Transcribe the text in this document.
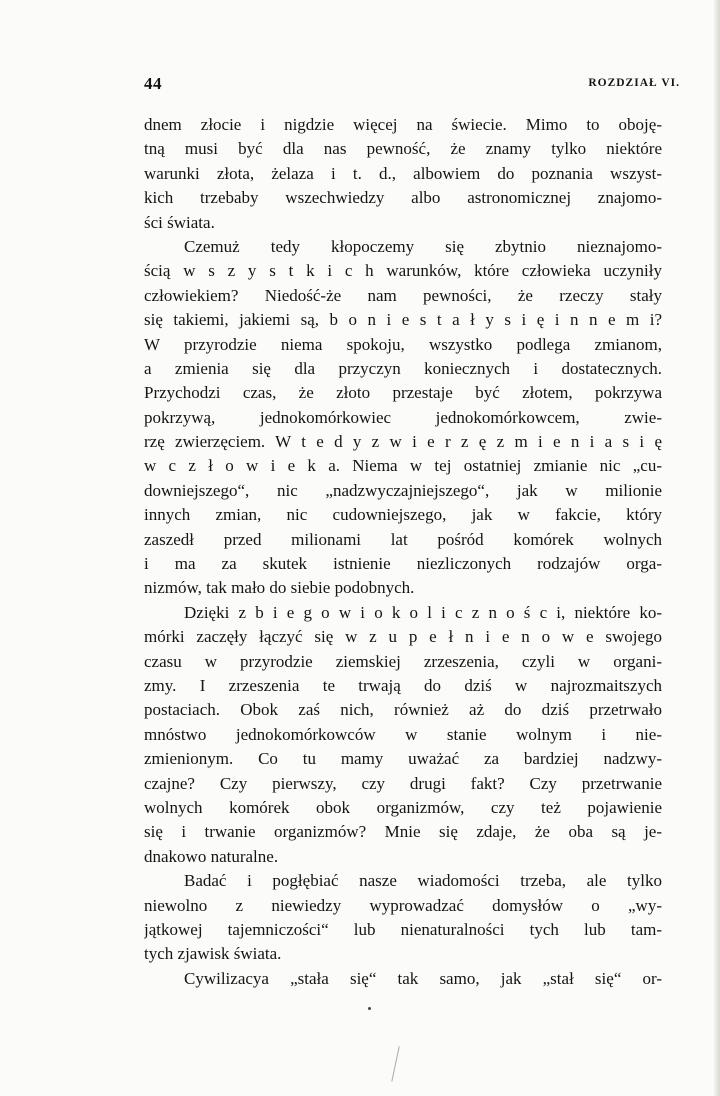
44	ROZDZIAŁ VI.
dnem złocie i nigdzie więcej na świecie. Mimo to oboję-
tną musi być dla nas pewność, że znamy tylko niektóre
warunki złota, żelaza i t. d., albowiem do poznania wszyst-
kich trzebaby wszechwiedzy albo astronomicznej znajomo-
ści świata.
Czemuż tedy kłopoczemy się zbytnio nieznajomo-
ścią w s z y s t k i c h warunków, które człowieka uczyniły
człowiekiem? Niedość-że nam pewności, że rzeczy stały
się takiemi, jakiemi są, b o n i e s t a ł y s i ę i n n e m i?
W przyrodzie niema spokoju, wszystko podlega zmianom,
a zmienia się dla przyczyn koniecznych i dostatecznych.
Przychodzi czas, że złoto przestaje być złotem, pokrzywa
pokrzywą, jednokomórkowiec jednokomórkowcem, zwie-
rzę zwierzęciem. W t e d y z w i e r z ę z m i e n i a s i ę
w c z ł o w i e k a. Niema w tej ostatniej zmianie nic „cu-
downiejszego“, nic „nadzwyczajniejszego“, jak w milionie
innych zmian, nic cudowniejszego, jak w fakcie, który
zaszedł przed milionami lat pośród komórek wolnych
i ma za skutek istnienie niezliczonych rodzajów orga-
nizmów, tak mało do siebie podobnych.
Dzięki z b i e g o w i o k o l i c z n o ś c i, niektóre ko-
mórki zaczęły łączyć się w z u p e ł n i e n o w e swojego
czasu w przyrodzie ziemskiej zrzeszenia, czyli w organi-
zmy. I zrzeszenia te trwają do dziś w najrozmaitszych
postaciach. Obok zaś nich, również aż do dziś przetrwało
mnóstwo jednokomórkowców w stanie wolnym i nie-
zmienionym. Co tu mamy uważać za bardziej nadzwy-
czajne? Czy pierwszy, czy drugi fakt? Czy przetrwanie
wolnych komórek obok organizmów, czy też pojawienie
się i trwanie organizmów? Mnie się zdaje, że oba są je-
dnakowo naturalne.
Badać i pogłębiać nasze wiadomości trzeba, ale tylko
niewolno z niewiedzy wyprowadzać domysłów o „wy-
jątkowej tajemniczości“ lub nienaturalności tych lub tam-
tych zjawisk świata.
Cywilizacya „stała się“ tak samo, jak „stał się“ or-
